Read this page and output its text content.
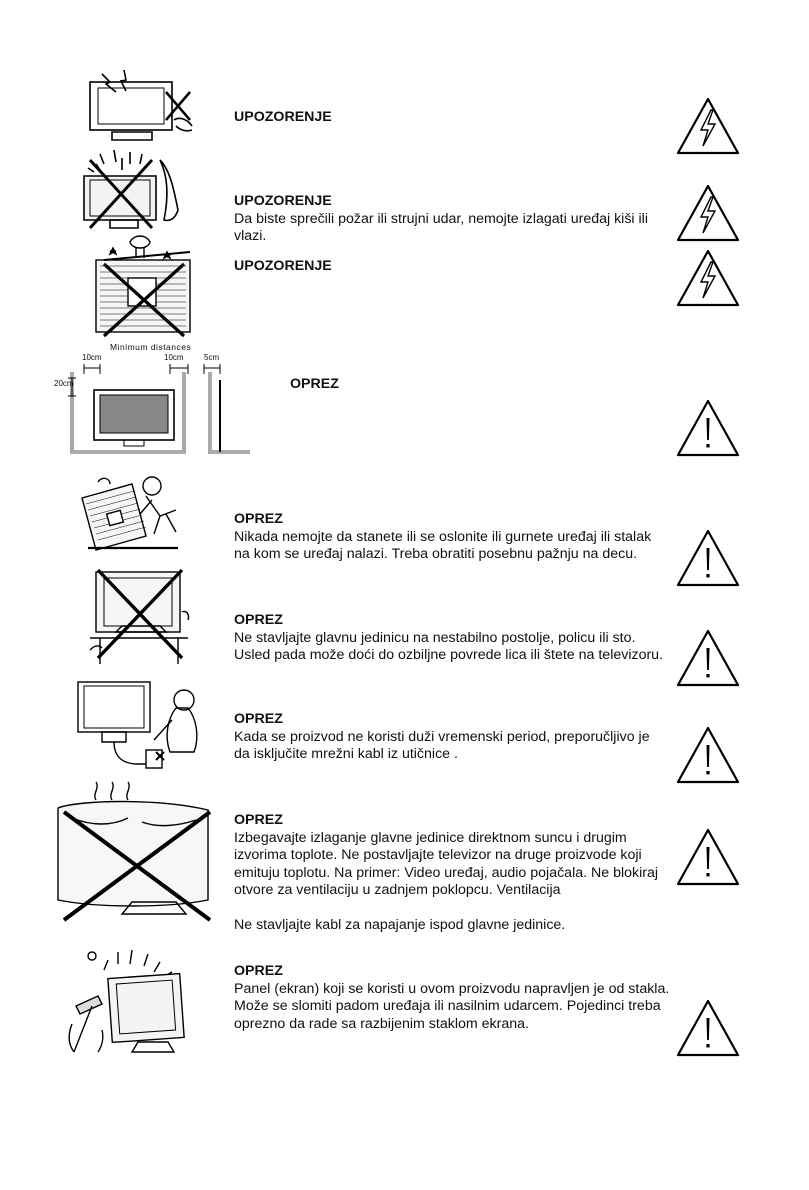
Minimum distances
10cm	10cm	5cm
20cm
UPOZORENJE

UPOZORENJE

Da biste sprečili požar ili strujni udar, nemojte izlagati uređaj kiši ili vlazi.

UPOZORENJE

OPREZ

OPREZ

Nikada nemojte da stanete ili se oslonite ili gurnete uređaj ili stalak na kom se uređaj nalazi. Treba obratiti posebnu pažnju na decu.

OPREZ

Ne stavljajte glavnu jedinicu na nestabilno postolje, policu ili sto. Usled pada može doći do ozbiljne povrede lica ili štete na televizoru.

OPREZ

Kada se proizvod ne koristi duži vremenski period, preporučljivo je da isključite mrežni kabl iz utičnice .

OPREZ

Izbegavajte izlaganje glavne jedinice direktnom suncu i drugim izvorima toplote. Ne postavljajte televizor na druge proizvode koji emituju toplotu. Na primer: Video uređaj, audio pojačala. Ne blokiraj otvore za ventilaciju u zadnjem poklopcu. Ventilacija

Ne stavljajte kabl za napajanje ispod glavne jedinice.

OPREZ

Panel (ekran) koji se koristi u ovom proizvodu napravljen je od stakla. Može se slomiti padom uređaja ili nasilnim udarcem. Pojedinci treba oprezno da rade sa razbijenim staklom ekrana.
